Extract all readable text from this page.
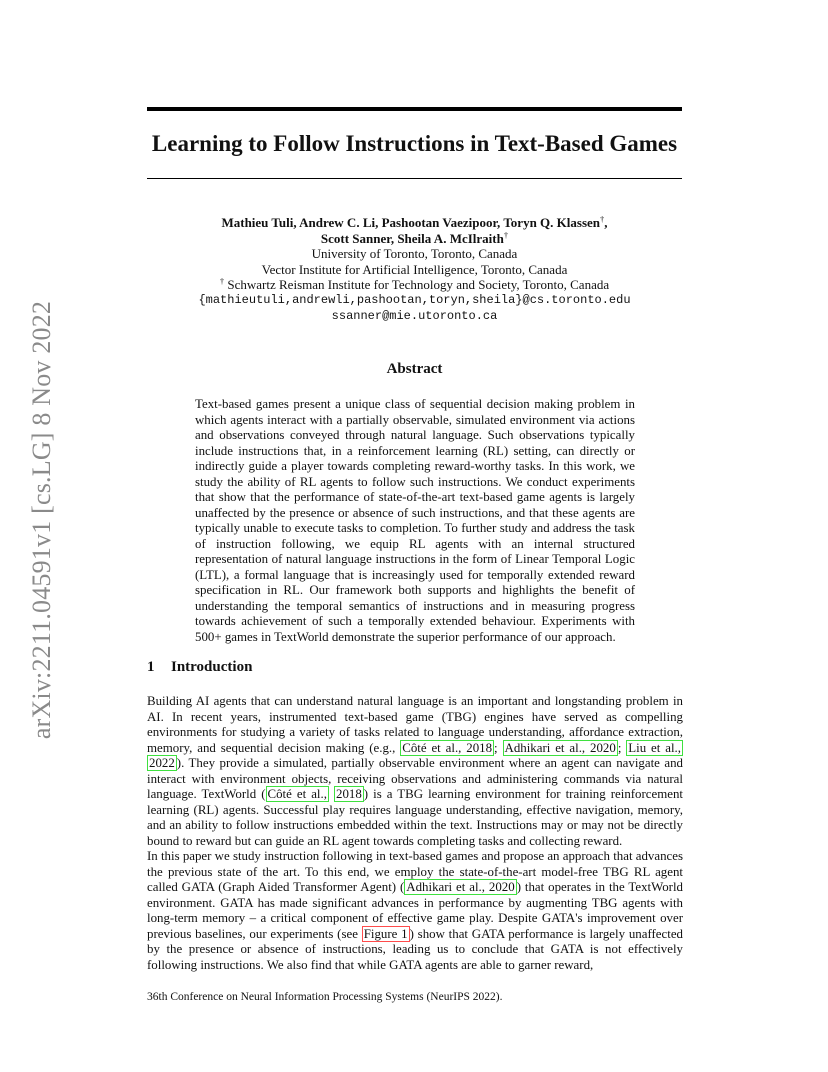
arXiv:2211.04591v1 [cs.LG] 8 Nov 2022
Learning to Follow Instructions in Text-Based Games
Mathieu Tuli, Andrew C. Li, Pashootan Vaezipoor, Toryn Q. Klassen†,
Scott Sanner, Sheila A. McIlraith†
University of Toronto, Toronto, Canada
Vector Institute for Artificial Intelligence, Toronto, Canada
† Schwartz Reisman Institute for Technology and Society, Toronto, Canada
{mathieutuli,andrewli,pashootan,toryn,sheila}@cs.toronto.edu
ssanner@mie.utoronto.ca
Abstract

Text-based games present a unique class of sequential decision making problem in which agents interact with a partially observable, simulated environment via actions and observations conveyed through natural language. Such observations typically include instructions that, in a reinforcement learning (RL) setting, can directly or indirectly guide a player towards completing reward-worthy tasks. In this work, we study the ability of RL agents to follow such instructions. We conduct experiments that show that the performance of state-of-the-art text-based game agents is largely unaffected by the presence or absence of such instructions, and that these agents are typically unable to execute tasks to completion. To further study and address the task of instruction following, we equip RL agents with an internal structured representation of natural language instructions in the form of Linear Temporal Logic (LTL), a formal language that is increasingly used for temporally extended reward specification in RL. Our framework both supports and highlights the benefit of understanding the temporal semantics of instructions and in measuring progress towards achievement of such a temporally extended behaviour. Experiments with 500+ games in TextWorld demonstrate the superior performance of our approach.

1 Introduction

Building AI agents that can understand natural language is an important and longstanding problem in AI. In recent years, instrumented text-based game (TBG) engines have served as compelling environments for studying a variety of tasks related to language understanding, affordance extraction, memory, and sequential decision making (e.g., Côté et al., 2018 ; Adhikari et al., 2020 ; Liu et al., 2022 ). They provide a simulated, partially observable environment where an agent can navigate and interact with environment objects, receiving observations and administering commands via natural language. TextWorld ( Côté et al., 2018 ) is a TBG learning environment for training reinforcement learning (RL) agents. Successful play requires language understanding, effective navigation, memory, and an ability to follow instructions embedded within the text. Instructions may or may not be directly bound to reward but can guide an RL agent towards completing tasks and collecting reward.

In this paper we study instruction following in text-based games and propose an approach that advances the previous state of the art. To this end, we employ the state-of-the-art model-free TBG RL agent called GATA (Graph Aided Transformer Agent) ( Adhikari et al., 2020 ) that operates in the TextWorld environment. GATA has made significant advances in performance by augmenting TBG agents with long-term memory – a critical component of effective game play. Despite GATA's improvement over previous baselines, our experiments (see Figure 1 ) show that GATA performance is largely unaffected by the presence or absence of instructions, leading us to conclude that GATA is not effectively following instructions. We also find that while GATA agents are able to garner reward,

36th Conference on Neural Information Processing Systems (NeurIPS 2022).
